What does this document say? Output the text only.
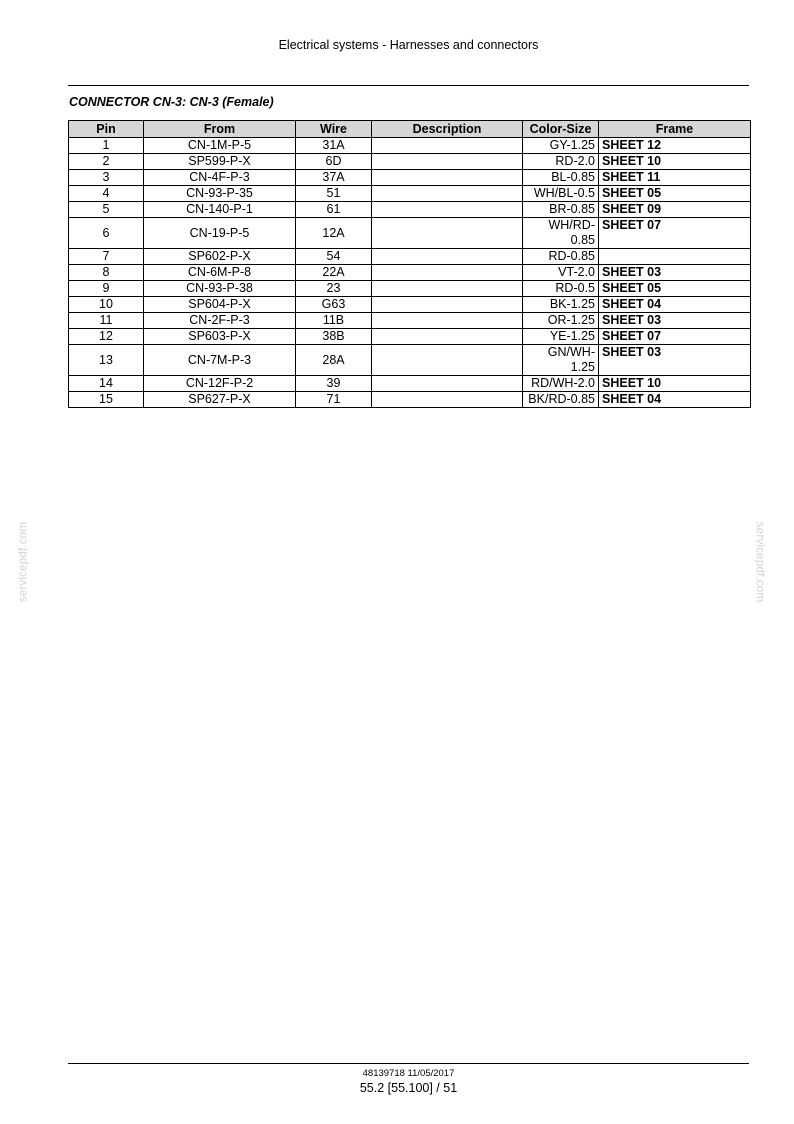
Electrical systems - Harnesses and connectors
CONNECTOR CN-3: CN-3 (Female)
Pin	From	Wire	Description	Color-Size	Frame
1	CN-1M-P-5	31A		GY-1.25	SHEET 12
2	SP599-P-X	6D		RD-2.0	SHEET 10
3	CN-4F-P-3	37A		BL-0.85	SHEET 11
4	CN-93-P-35	51		WH/BL-0.5	SHEET 05
5	CN-140-P-1	61		BR-0.85	SHEET 09
6	CN-19-P-5	12A		WH/RD-0.85	SHEET 07
7	SP602-P-X	54		RD-0.85	
8	CN-6M-P-8	22A		VT-2.0	SHEET 03
9	CN-93-P-38	23		RD-0.5	SHEET 05
10	SP604-P-X	G63		BK-1.25	SHEET 04
11	CN-2F-P-3	11B		OR-1.25	SHEET 03
12	SP603-P-X	38B		YE-1.25	SHEET 07
13	CN-7M-P-3	28A		GN/WH-1.25	SHEET 03
14	CN-12F-P-2	39		RD/WH-2.0	SHEET 10
15	SP627-P-X	71		BK/RD-0.85	SHEET 04
servicepdf.com	servicepdf.com
48139718 11/05/2017
55.2 [55.100] / 51
